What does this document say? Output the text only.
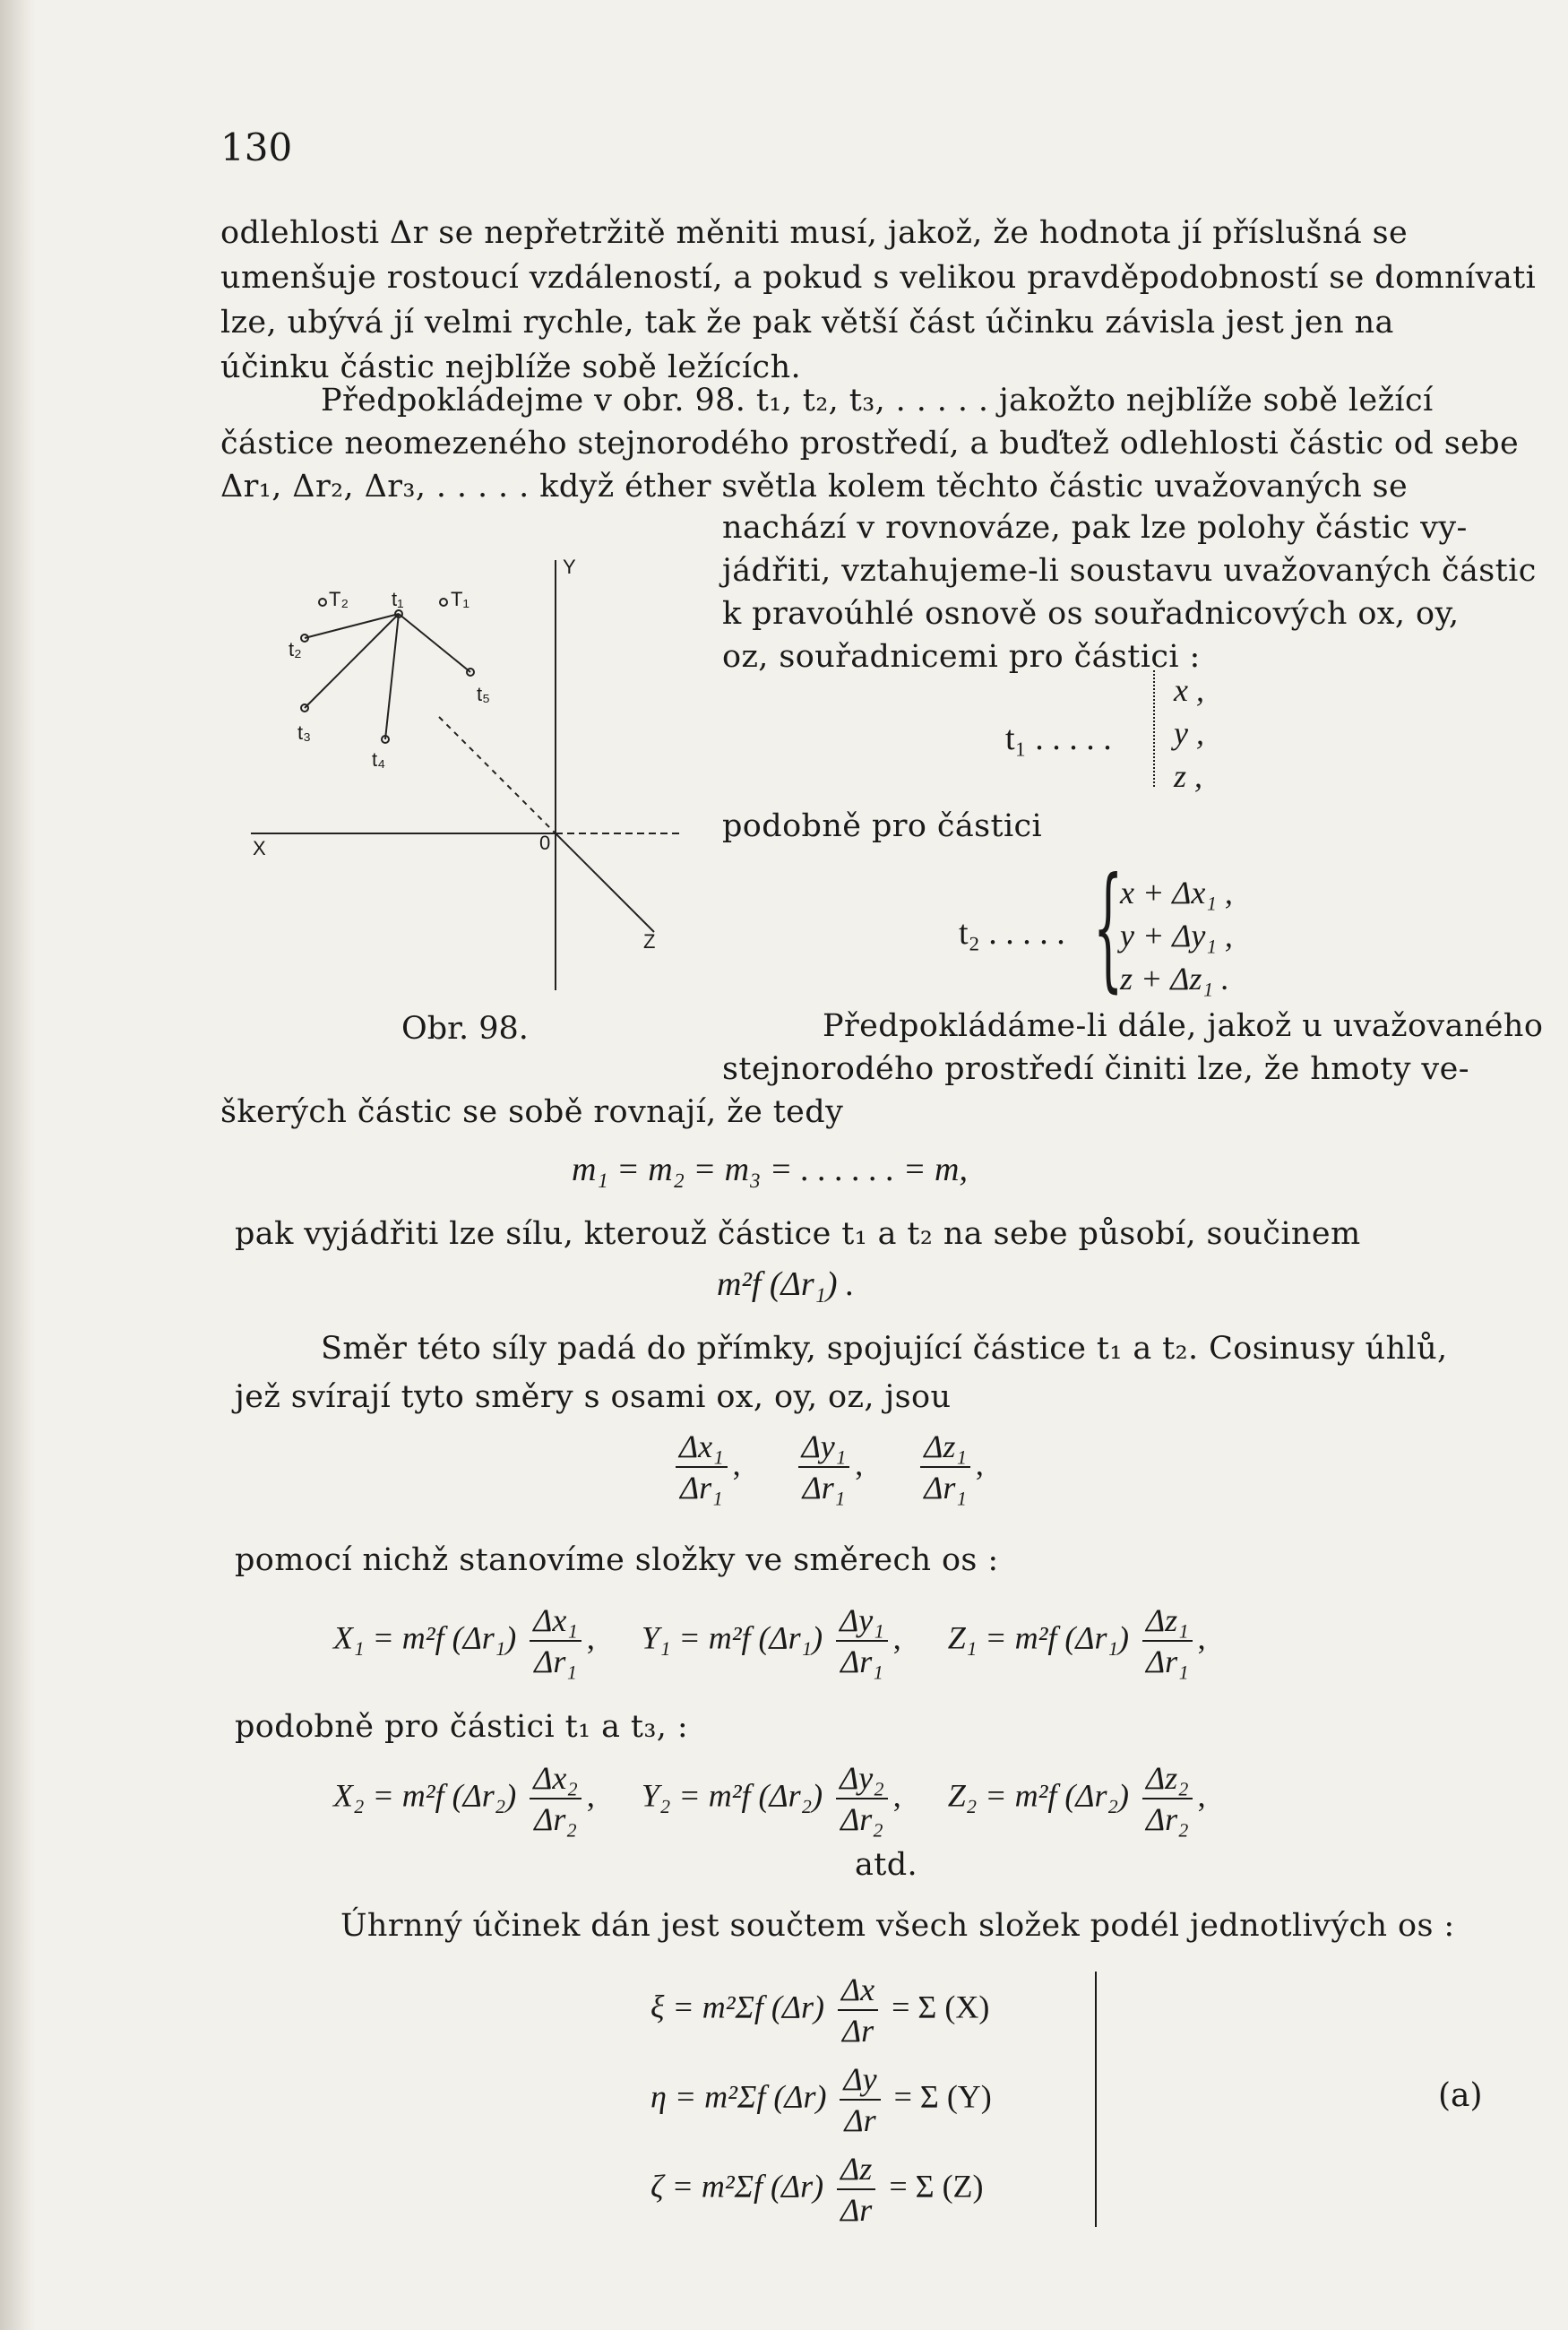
130
odlehlosti Δr se nepřetržitě měniti musí, jakož, že hodnota jí příslušná se
umenšuje rostoucí vzdáleností, a pokud s velikou pravděpodobností se domnívati
lze, ubývá jí velmi rychle, tak že pak větší část účinku závisla jest jen na
účinku částic nejblíže sobě ležících.
Předpokládejme v obr. 98. t₁, t₂, t₃, . . . . . jakožto nejblíže sobě ležící
částice neomezeného stejnorodého prostředí, a buďtež odlehlosti částic od sebe
Δr₁, Δr₂, Δr₃, . . . . . když éther světla kolem těchto částic uvažovaných se
nachází v rovnováze, pak lze polohy částic vy-
jádřiti, vztahujeme-li soustavu uvažovaných částic
k pravoúhlé osnově os souřadnicových ox, oy,
oz, souřadnicemi pro částici :
Y
X
Z
0
T₁
T₂ t₁
t₂
t₃
t₄
t₅
Obr. 98.
t₁ . . . . .
x ,
y ,
z ,
podobně pro částici
t₂ . . . . . {
x + Δx₁ ,
y + Δy₁ ,
z + Δz₁ .
Předpokládáme-li dále, jakož u uvažovaného
stejnorodého prostředí činiti lze, že hmoty ve-
škerých částic se sobě rovnají, že tedy
m₁ = m₂ = m₃ = . . . . . . = m,
pak vyjádřiti lze sílu, kterouž částice t₁ a t₂ na sebe působí, součinem
m²f (Δr₁) .
Směr této síly padá do přímky, spojující částice t₁ a t₂. Cosinusy úhlů,
jež svírají tyto směry s osami ox, oy, oz, jsou
$\frac{\text{Δx₁}}{\text{Δr₁}}$ , $\frac{\text{Δy₁}}{\text{Δr₁}}$ , $\frac{\text{Δz₁}}{\text{Δr₁}}$ ,
pomocí nichž stanovíme složky ve směrech os :
X₁ = m²f $(\Delta r_1) \frac{\text{Δx₁}}{\text{Δr₁}}$ , Y₁ = m²f $(\Delta r_1) \frac{\text{Δy₁}}{\text{Δr₁}}$ , Z₁ = m²f $(\Delta r_1) \frac{\text{Δz₁}}{\text{Δr₁}}$ ,
podobně pro částici t₁ a t₃, :
X₂ = m²f $(\Delta r_2) \frac{\text{Δx₂}}{\text{Δr₂}}$ , Y₂ = m²f $(\Delta r_2) \frac{\text{Δy₂}}{\text{Δr₂}}$ , Z₂ = m²f $(\Delta r_2) \frac{\text{Δz₂}}{\text{Δr₂}}$ ,
atd.
Úhrnný účinek dán jest součtem všech složek podél jednotlivých os :
ξ = m²Σf $(\Delta r) \frac{\Delta x}{\Delta r} = \Sigma$ (X)
η = m²Σf $(\Delta r) \frac{\Delta y}{\Delta r} = \Sigma$ (Y)
ζ = m²Σf $(\Delta r) \frac{\Delta z}{\Delta r} = \Sigma$ (Z)
(a)
